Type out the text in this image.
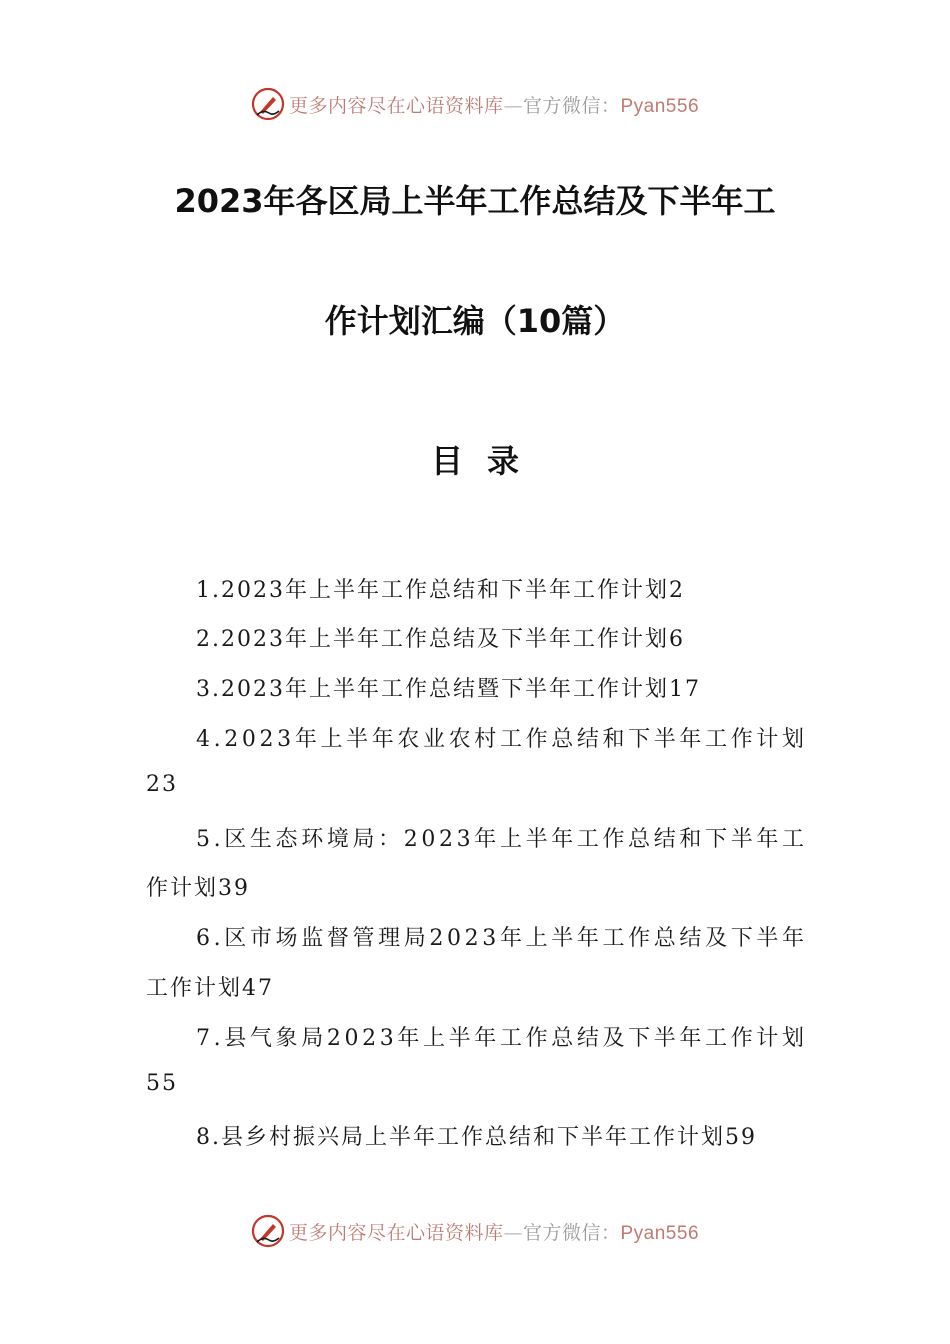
更多内容尽在心语资料库—官方微信：Pyan556
2023年各区局上半年工作总结及下半年工
作计划汇编（10篇）
目录
1.2023年上半年工作总结和下半年工作计划2
2.2023年上半年工作总结及下半年工作计划6
3.2023年上半年工作总结暨下半年工作计划17
4.2023年上半年农业农村工作总结和下半年工作计划
23
5.区生态环境局：2023年上半年工作总结和下半年工
作计划39
6.区市场监督管理局2023年上半年工作总结及下半年
工作计划47
7.县气象局2023年上半年工作总结及下半年工作计划
55
8.县乡村振兴局上半年工作总结和下半年工作计划59
更多内容尽在心语资料库—官方微信：Pyan556
